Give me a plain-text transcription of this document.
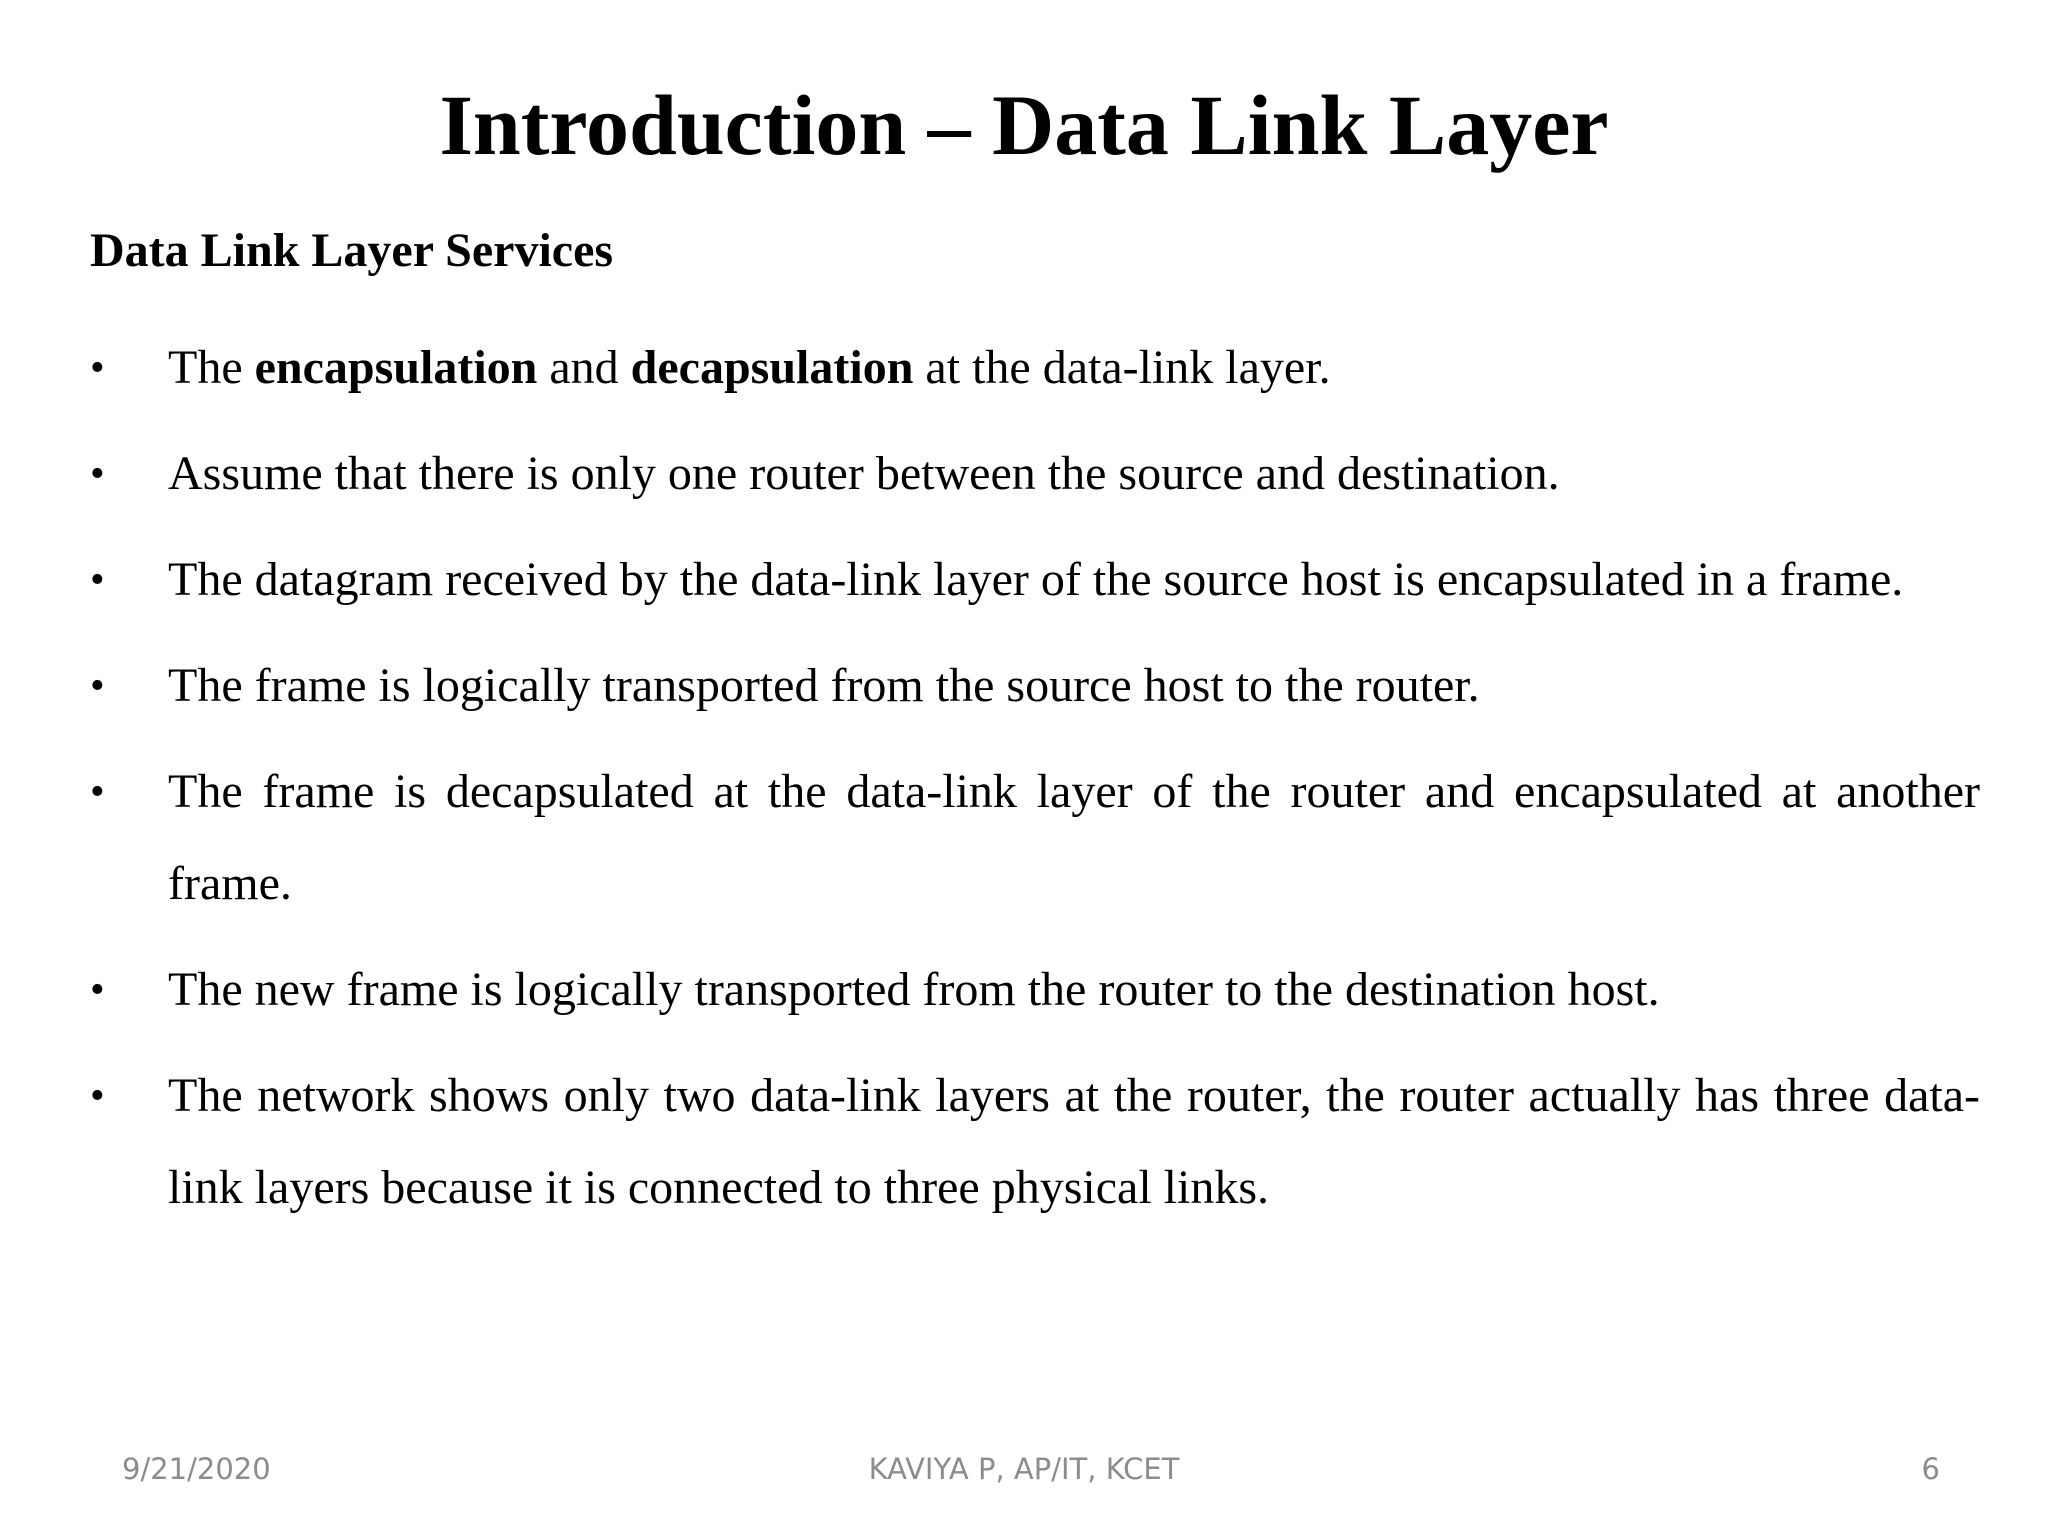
Introduction – Data Link Layer
Data Link Layer Services
• The encapsulation and decapsulation at the data-link layer.
• Assume that there is only one router between the source and destination.
• The datagram received by the data-link layer of the source host is encapsulated in a frame.
• The frame is logically transported from the source host to the router.
• The frame is decapsulated at the data-link layer of the router and encapsulated at another frame.
• The new frame is logically transported from the router to the destination host.
• The network shows only two data-link layers at the router, the router actually has three data-link layers because it is connected to three physical links.
9/21/2020	KAVIYA P, AP/IT, KCET	6
